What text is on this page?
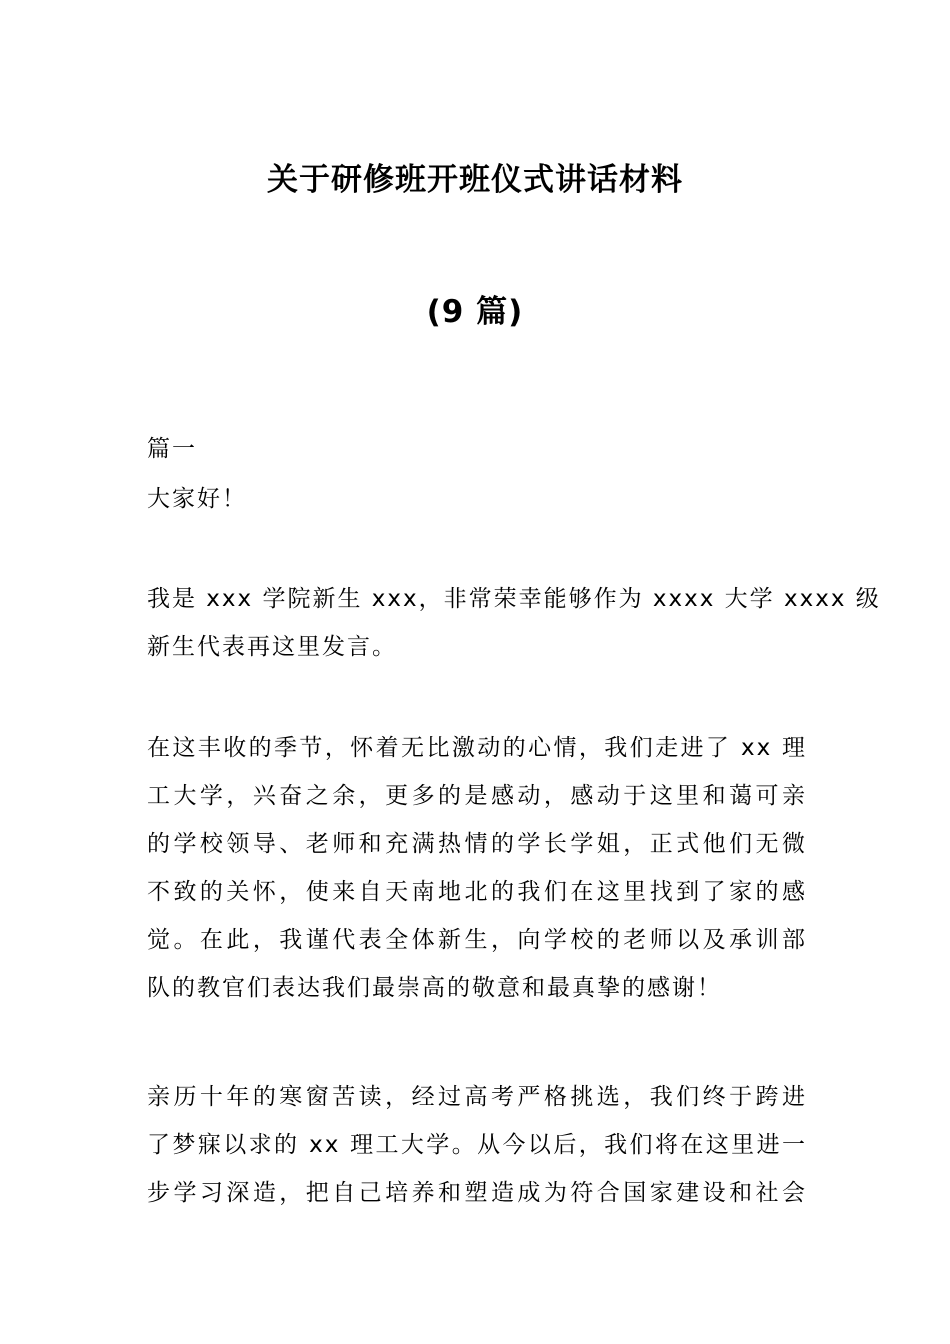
关于研修班开班仪式讲话材料
(9 篇)
篇一
大家好！
我是 xxx 学院新生 xxx，非常荣幸能够作为 xxxx 大学 xxxx 级
新生代表再这里发言。
在这丰收的季节，怀着无比激动的心情，我们走进了 xx 理
工大学，兴奋之余，更多的是感动，感动于这里和蔼可亲
的学校领导、老师和充满热情的学长学姐，正式他们无微
不致的关怀，使来自天南地北的我们在这里找到了家的感
觉。在此，我谨代表全体新生，向学校的老师以及承训部
队的教官们表达我们最崇高的敬意和最真挚的感谢！
亲历十年的寒窗苦读，经过高考严格挑选，我们终于跨进
了梦寐以求的 xx 理工大学。从今以后，我们将在这里进一
步学习深造，把自己培养和塑造成为符合国家建设和社会
